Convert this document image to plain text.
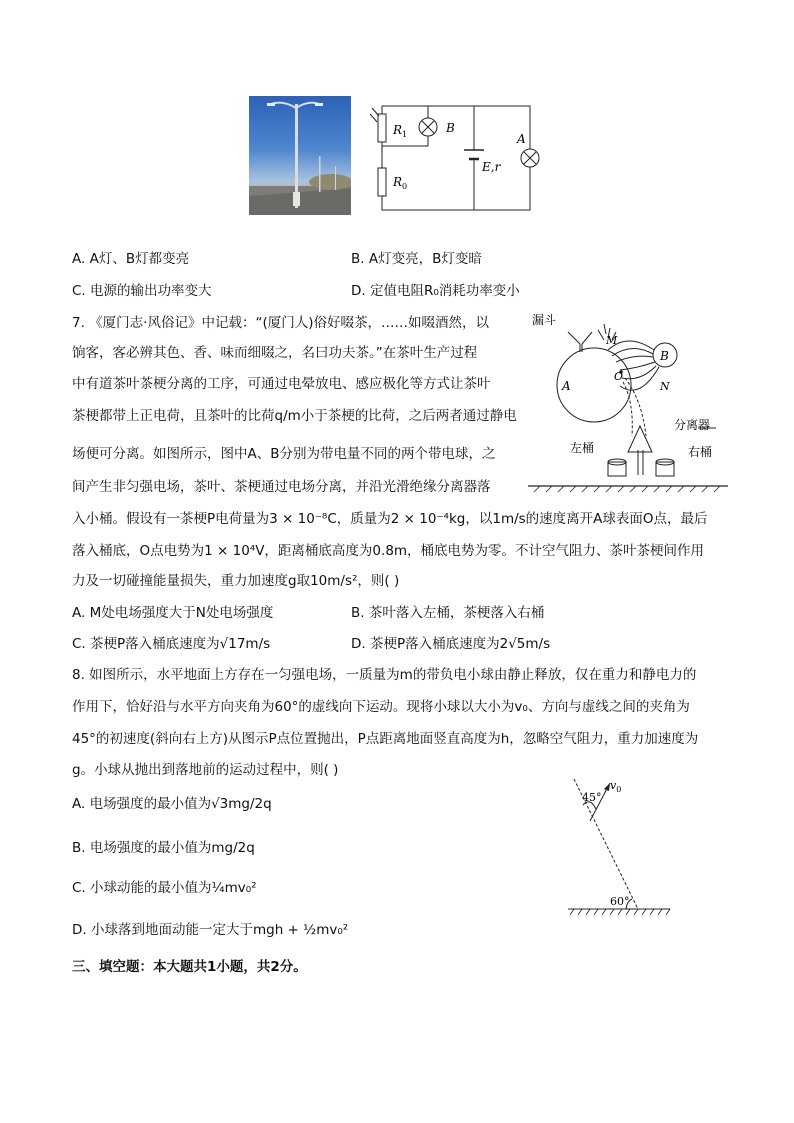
$R_1$	B
$R_0$
E,r
A
A. A灯、B灯都变亮	B. A灯变亮，B灯变暗
C. 电源的输出功率变大	D. 定值电阻R₀消耗功率变小
7. 《厦门志·风俗记》中记载：“(厦门人)俗好啜茶，……如啜酒然，以
饷客，客必辨其色、香、味而细啜之，名曰功夫茶。”在茶叶生产过程
中有道茶叶茶梗分离的工序，可通过电晕放电、感应极化等方式让茶叶
茶梗都带上正电荷，且茶叶的比荷q/m小于茶梗的比荷，之后两者通过静电
场便可分离。如图所示，图中A、B分别为带电量不同的两个带电球，之
间产生非匀强电场，茶叶、茶梗通过电场分离，并沿光滑绝缘分离器落
入小桶。假设有一茶梗P电荷量为3 × 10⁻⁸C，质量为2 × 10⁻⁴kg，以1m/s的速度离开A球表面O点，最后
落入桶底，O点电势为1 × 10⁴V，距离桶底高度为0.8m，桶底电势为零。不计空气阻力、茶叶茶梗间作用
力及一切碰撞能量损失，重力加速度g取10m/s²，则( )
漏斗
M
B
A
O
N
分离器
左桶	右桶
A. M处电场强度大于N处电场强度	B. 茶叶落入左桶，茶梗落入右桶
C. 茶梗P落入桶底速度为√17m/s	D. 茶梗P落入桶底速度为2√5m/s
8. 如图所示，水平地面上方存在一匀强电场，一质量为m的带负电小球由静止释放，仅在重力和静电力的
作用下，恰好沿与水平方向夹角为60°的虚线向下运动。现将小球以大小为v₀、方向与虚线之间的夹角为
45°的初速度(斜向右上方)从图示P点位置抛出，P点距离地面竖直高度为h，忽略空气阻力，重力加速度为
g。小球从抛出到落地前的运动过程中，则( )
A. 电场强度的最小值为√3mg/2q
B. 电场强度的最小值为mg/2q
C. 小球动能的最小值为¼mv₀²
D. 小球落到地面动能一定大于mgh + ½mv₀²
45°
$v_0$
60°
三、填空题：本大题共1小题，共2分。
